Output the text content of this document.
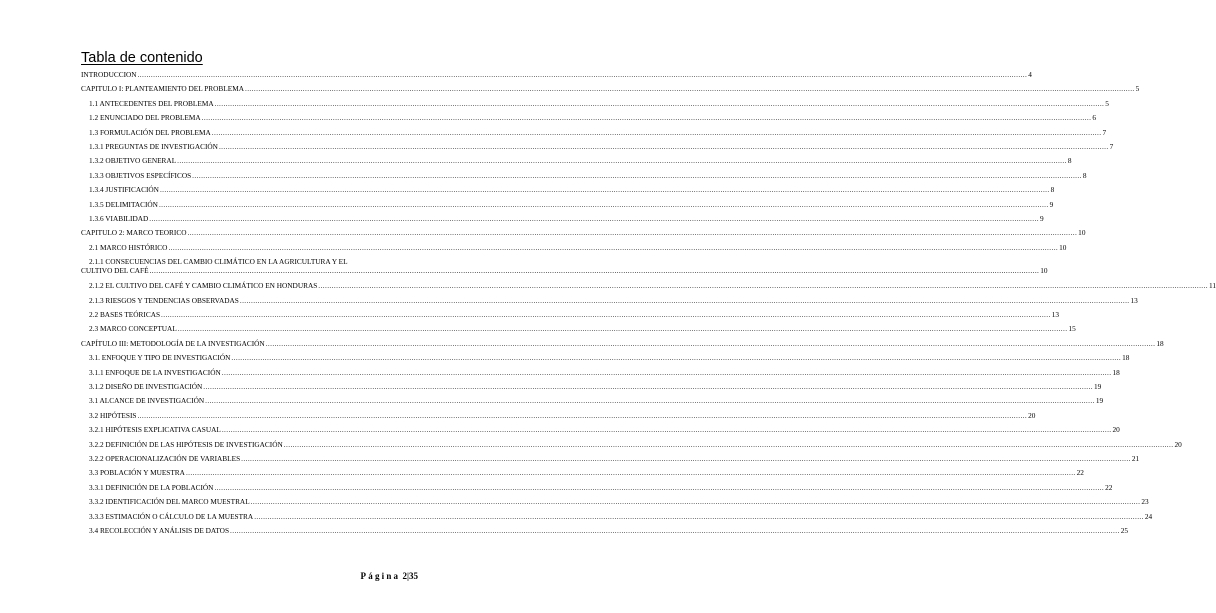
Tabla de contenido
INTRODUCCION ................................................................................................................................................................................................................................................................................................................................................................................................................ 4
CAPITULO I: PLANTEAMIENTO DEL PROBLEMA ................................................................................................................................................................................................................................................................................................................................................................................................................ 5
1.1 ANTECEDENTES DEL PROBLEMA ................................................................................................................................................................................................................................................................................................................................................................................................................ 5
1.2 ENUNCIADO DEL PROBLEMA ................................................................................................................................................................................................................................................................................................................................................................................................................ 6
1.3 FORMULACIÓN DEL PROBLEMA ................................................................................................................................................................................................................................................................................................................................................................................................................ 7
1.3.1 PREGUNTAS DE INVESTIGACIÓN ................................................................................................................................................................................................................................................................................................................................................................................................................ 7
1.3.2 OBJETIVO GENERAL ................................................................................................................................................................................................................................................................................................................................................................................................................ 8
1.3.3 OBJETIVOS ESPECÍFICOS ................................................................................................................................................................................................................................................................................................................................................................................................................ 8
1.3.4 JUSTIFICACIÓN ................................................................................................................................................................................................................................................................................................................................................................................................................ 8
1.3.5 DELIMITACIÓN ................................................................................................................................................................................................................................................................................................................................................................................................................ 9
1.3.6 VIABILIDAD ................................................................................................................................................................................................................................................................................................................................................................................................................ 9
CAPITULO 2: MARCO TEORICO ................................................................................................................................................................................................................................................................................................................................................................................................................ 10
2.1 MARCO HISTÓRICO ................................................................................................................................................................................................................................................................................................................................................................................................................ 10
2.1.1 CONSECUENCIAS DEL CAMBIO CLIMÁTICO EN LA AGRICULTURA Y EL
CULTIVO DEL CAFÉ ................................................................................................................................................................................................................................................................................................................................................................................................................ 10
2.1.2 EL CULTIVO DEL CAFÉ Y CAMBIO CLIMÁTICO EN HONDURAS ................................................................................................................................................................................................................................................................................................................................................................................................................ 11
2.1.3 RIESGOS Y TENDENCIAS OBSERVADAS ................................................................................................................................................................................................................................................................................................................................................................................................................ 13
2.2 BASES TEÓRICAS ................................................................................................................................................................................................................................................................................................................................................................................................................ 13
2.3 MARCO CONCEPTUAL ................................................................................................................................................................................................................................................................................................................................................................................................................ 15
CAPÍTULO III: METODOLOGÍA DE LA INVESTIGACIÓN ................................................................................................................................................................................................................................................................................................................................................................................................................ 18
3.1. ENFOQUE Y TIPO DE INVESTIGACIÓN ................................................................................................................................................................................................................................................................................................................................................................................................................ 18
3.1.1 ENFOQUE DE LA INVESTIGACIÓN ................................................................................................................................................................................................................................................................................................................................................................................................................ 18
3.1.2 DISEÑO DE INVESTIGACIÓN ................................................................................................................................................................................................................................................................................................................................................................................................................ 19
3.1 ALCANCE DE INVESTIGACIÓN ................................................................................................................................................................................................................................................................................................................................................................................................................ 19
3.2 HIPÓTESIS ................................................................................................................................................................................................................................................................................................................................................................................................................ 20
3.2.1 HIPÓTESIS EXPLICATIVA CASUAL ................................................................................................................................................................................................................................................................................................................................................................................................................ 20
3.2.2 DEFINICIÓN DE LAS HIPÓTESIS DE INVESTIGACIÓN ................................................................................................................................................................................................................................................................................................................................................................................................................ 20
3.2.2 OPERACIONALIZACIÓN DE VARIABLES ................................................................................................................................................................................................................................................................................................................................................................................................................ 21
3.3 POBLACIÓN Y MUESTRA ................................................................................................................................................................................................................................................................................................................................................................................................................ 22
3.3.1 DEFINICIÓN DE LA POBLACIÓN ................................................................................................................................................................................................................................................................................................................................................................................................................ 22
3.3.2 IDENTIFICACIÓN DEL MARCO MUESTRAL ................................................................................................................................................................................................................................................................................................................................................................................................................ 23
3.3.3 ESTIMACIÓN O CÁLCULO DE LA MUESTRA ................................................................................................................................................................................................................................................................................................................................................................................................................ 24
3.4 RECOLECCIÓN Y ANÁLISIS DE DATOS ................................................................................................................................................................................................................................................................................................................................................................................................................ 25
Página 2|35
